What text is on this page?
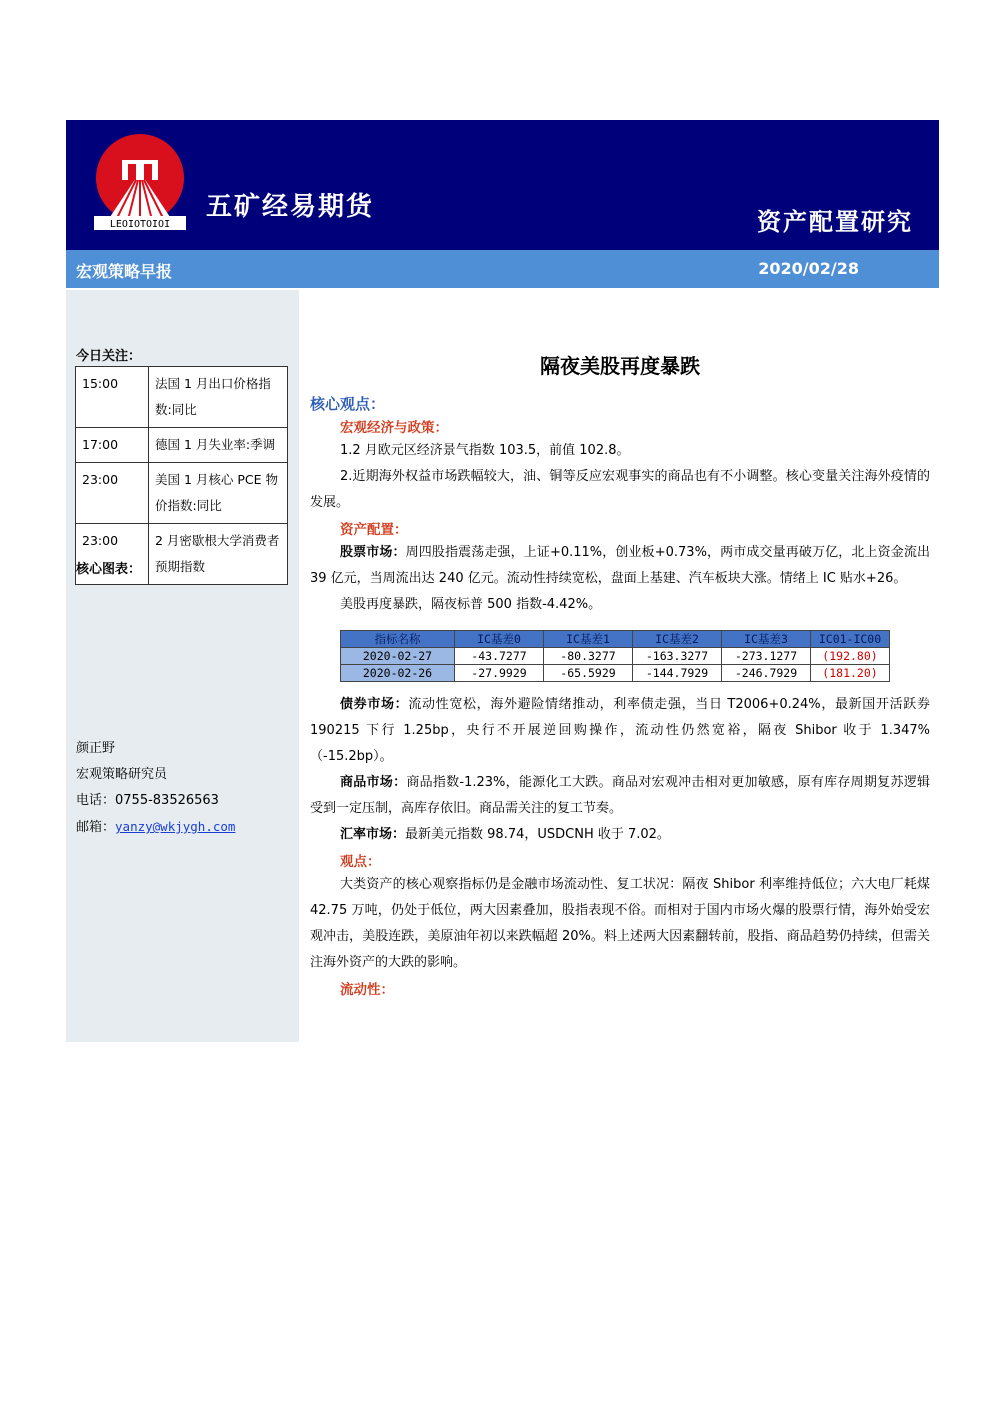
LEOIOTOIOI
五矿经易期货	资产配置研究
宏观策略早报	2020/02/28
今日关注：
15:00	法国 1 月出口价格指数:同比
17:00	德国 1 月失业率:季调
23:00	美国 1 月核心 PCE 物价指数:同比
23:00	2 月密歇根大学消费者预期指数
核心图表：
颜正野
宏观策略研究员
电话：0755-83526563
邮箱：yanzy@wkjygh.com
隔夜美股再度暴跌
核心观点：
宏观经济与政策：

1.2 月欧元区经济景气指数 103.5，前值 102.8。

2.近期海外权益市场跌幅较大，油、铜等反应宏观事实的商品也有不小调整。核心变量关注海外疫情的发展。

资产配置：

股票市场：周四股指震荡走强，上证+0.11%，创业板+0.73%，两市成交量再破万亿，北上资金流出 39 亿元，当周流出达 240 亿元。流动性持续宽松，盘面上基建、汽车板块大涨。情绪上 IC 贴水+26。

美股再度暴跌，隔夜标普 500 指数-4.42%。

指标名称	IC基差0	IC基差1	IC基差2	IC基差3	IC01-IC00
2020-02-27	-43.7277	-80.3277	-163.3277	-273.1277	(192.80)
2020-02-26	-27.9929	-65.5929	-144.7929	-246.7929	(181.20)

债券市场：流动性宽松，海外避险情绪推动，利率债走强，当日 T2006+0.24%，最新国开活跃券 190215 下行 1.25bp，央行不开展逆回购操作，流动性仍然宽裕，隔夜 Shibor 收于 1.347%（-15.2bp）。

商品市场：商品指数-1.23%，能源化工大跌。商品对宏观冲击相对更加敏感，原有库存周期复苏逻辑受到一定压制，高库存依旧。商品需关注的复工节奏。

汇率市场：最新美元指数 98.74，USDCNH 收于 7.02。

观点：

大类资产的核心观察指标仍是金融市场流动性、复工状况：隔夜 Shibor 利率维持低位；六大电厂耗煤 42.75 万吨，仍处于低位，两大因素叠加，股指表现不俗。而相对于国内市场火爆的股票行情，海外始受宏观冲击，美股连跌，美原油年初以来跌幅超 20%。料上述两大因素翻转前，股指、商品趋势仍持续，但需关注海外资产的大跌的影响。

流动性：
